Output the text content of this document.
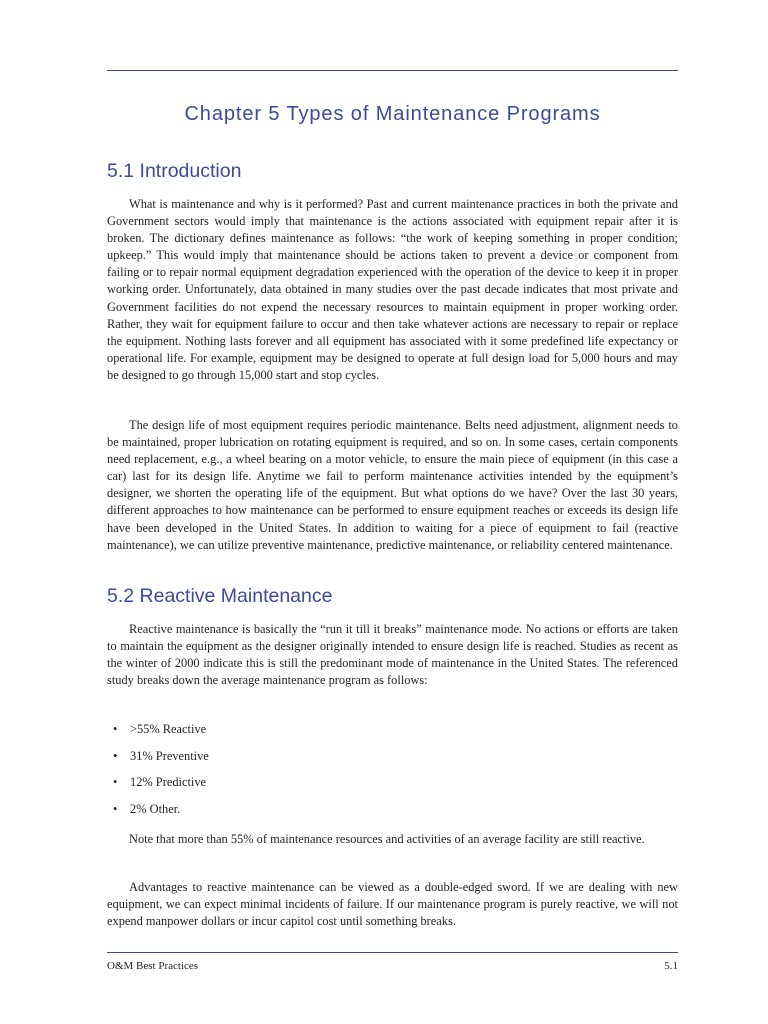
Chapter 5 Types of Maintenance Programs
5.1 Introduction

What is maintenance and why is it performed? Past and current maintenance practices in both the private and Government sectors would imply that maintenance is the actions associated with equipment repair after it is broken. The dictionary defines maintenance as follows: “the work of keeping something in proper condition; upkeep.” This would imply that maintenance should be actions taken to prevent a device or component from failing or to repair normal equipment degradation experienced with the operation of the device to keep it in proper working order. Unfortunately, data obtained in many studies over the past decade indicates that most private and Government facilities do not expend the necessary resources to maintain equipment in proper working order. Rather, they wait for equipment failure to occur and then take whatever actions are necessary to repair or replace the equipment. Nothing lasts forever and all equipment has associated with it some predefined life expectancy or operational life. For example, equipment may be designed to operate at full design load for 5,000 hours and may be designed to go through 15,000 start and stop cycles.

The design life of most equipment requires periodic maintenance. Belts need adjustment, alignment needs to be maintained, proper lubrication on rotating equipment is required, and so on. In some cases, certain components need replacement, e.g., a wheel bearing on a motor vehicle, to ensure the main piece of equipment (in this case a car) last for its design life. Anytime we fail to perform maintenance activities intended by the equipment’s designer, we shorten the operating life of the equipment. But what options do we have? Over the last 30 years, different approaches to how maintenance can be performed to ensure equipment reaches or exceeds its design life have been developed in the United States. In addition to waiting for a piece of equipment to fail (reactive maintenance), we can utilize preventive maintenance, predictive maintenance, or reliability centered maintenance.

5.2 Reactive Maintenance

Reactive maintenance is basically the “run it till it breaks” maintenance mode. No actions or efforts are taken to maintain the equipment as the designer originally intended to ensure design life is reached. Studies as recent as the winter of 2000 indicate this is still the predominant mode of maintenance in the United States. The referenced study breaks down the average maintenance program as follows:

• >55% Reactive
• 31% Preventive
• 12% Predictive
• 2% Other.

Note that more than 55% of maintenance resources and activities of an average facility are still reactive.

Advantages to reactive maintenance can be viewed as a double-edged sword. If we are dealing with new equipment, we can expect minimal incidents of failure. If our maintenance program is purely reactive, we will not expend manpower dollars or incur capitol cost until something breaks.

O&M Best Practices	5.1
